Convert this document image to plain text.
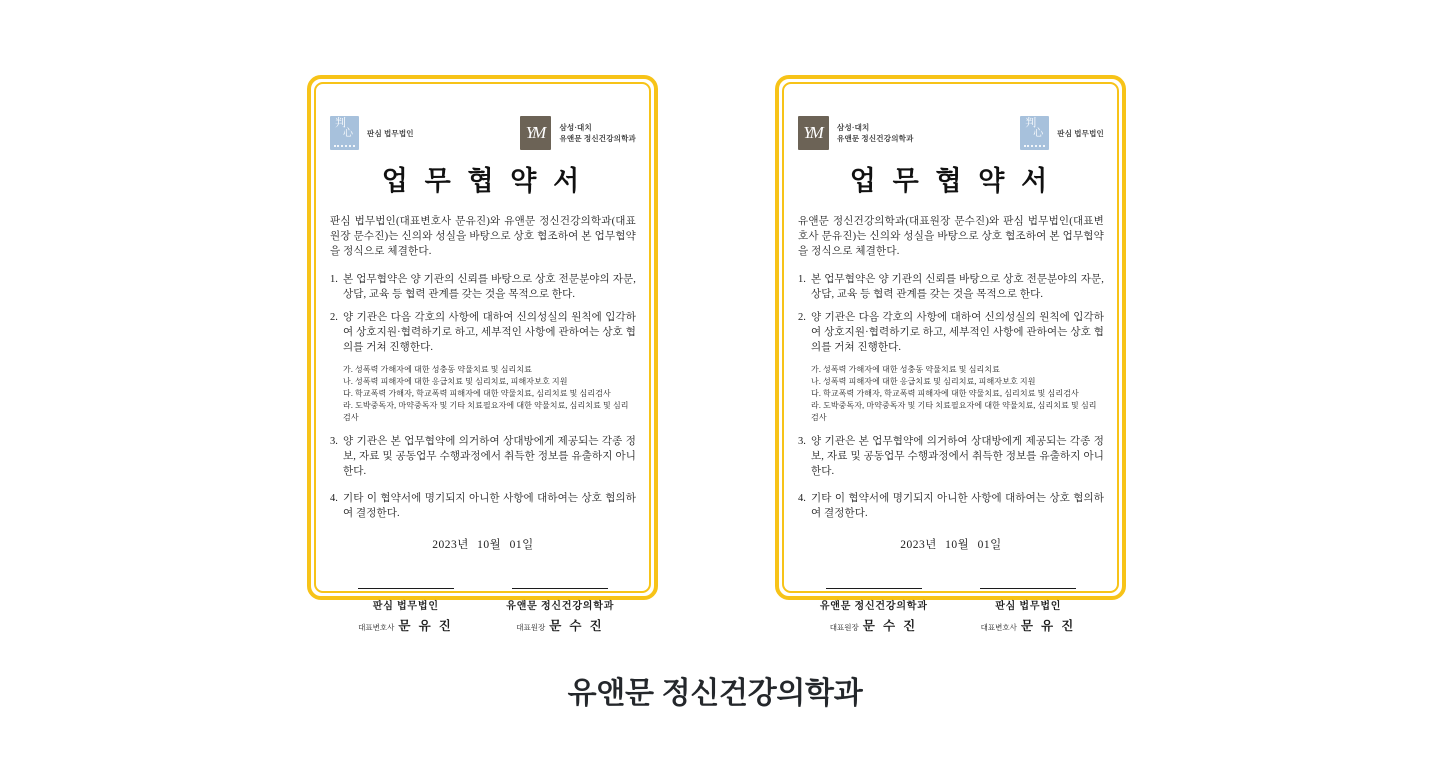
判
心 판심 법무법인	YM	삼성·대치
유앤문 정신건강의학과
업 무 협 약 서
판심 법무법인(대표변호사 문유진)와 유앤문 정신건강의학과(대표원장 문수진)는 신의와 성실을 바탕으로 상호 협조하여 본 업무협약을 정식으로 체결한다.
1. 본 업무협약은 양 기관의 신뢰를 바탕으로 상호 전문분야의 자문, 상담, 교육 등 협력 관계를 갖는 것을 목적으로 한다.
2. 양 기관은 다음 각호의 사항에 대하여 신의성실의 원칙에 입각하여 상호지원·협력하기로 하고, 세부적인 사항에 관하여는 상호 협의를 거쳐 진행한다.
가. 성폭력 가해자에 대한 성충동 약물치료 및 심리치료
나. 성폭력 피해자에 대한 응급치료 및 심리치료, 피해자보호 지원
다. 학교폭력 가해자, 학교폭력 피해자에 대한 약물치료, 심리치료 및 심리검사
라. 도박중독자, 마약중독자 및 기타 치료필요자에 대한 약물치료, 심리치료 및 심리검사
3. 양 기관은 본 업무협약에 의거하여 상대방에게 제공되는 각종 정보, 자료 및 공동업무 수행과정에서 취득한 정보를 유출하지 아니한다.
4. 기타 이 협약서에 명기되지 아니한 사항에 대하여는 상호 협의하여 결정한다.
2023년 10월 01일
판심 법무법인
대표변호사 문 유 진
유앤문 정신건강의학과
대표원장 문 수 진
YM	삼성·대치
유앤문 정신건강의학과
判
心 판심 법무법인
업 무 협 약 서
유앤문 정신건강의학과(대표원장 문수진)와 판심 법무법인(대표변호사 문유진)는 신의와 성실을 바탕으로 상호 협조하여 본 업무협약을 정식으로 체결한다.
1. 본 업무협약은 양 기관의 신뢰를 바탕으로 상호 전문분야의 자문, 상담, 교육 등 협력 관계를 갖는 것을 목적으로 한다.
2. 양 기관은 다음 각호의 사항에 대하여 신의성실의 원칙에 입각하여 상호지원·협력하기로 하고, 세부적인 사항에 관하여는 상호 협의를 거쳐 진행한다.
가. 성폭력 가해자에 대한 성충동 약물치료 및 심리치료
나. 성폭력 피해자에 대한 응급치료 및 심리치료, 피해자보호 지원
다. 학교폭력 가해자, 학교폭력 피해자에 대한 약물치료, 심리치료 및 심리검사
라. 도박중독자, 마약중독자 및 기타 치료필요자에 대한 약물치료, 심리치료 및 심리검사
3. 양 기관은 본 업무협약에 의거하여 상대방에게 제공되는 각종 정보, 자료 및 공동업무 수행과정에서 취득한 정보를 유출하지 아니한다.
4. 기타 이 협약서에 명기되지 아니한 사항에 대하여는 상호 협의하여 결정한다.
2023년 10월 01일
유앤문 정신건강의학과
대표원장 문 수 진
판심 법무법인
대표변호사 문 유 진
유앤문 정신건강의학과
